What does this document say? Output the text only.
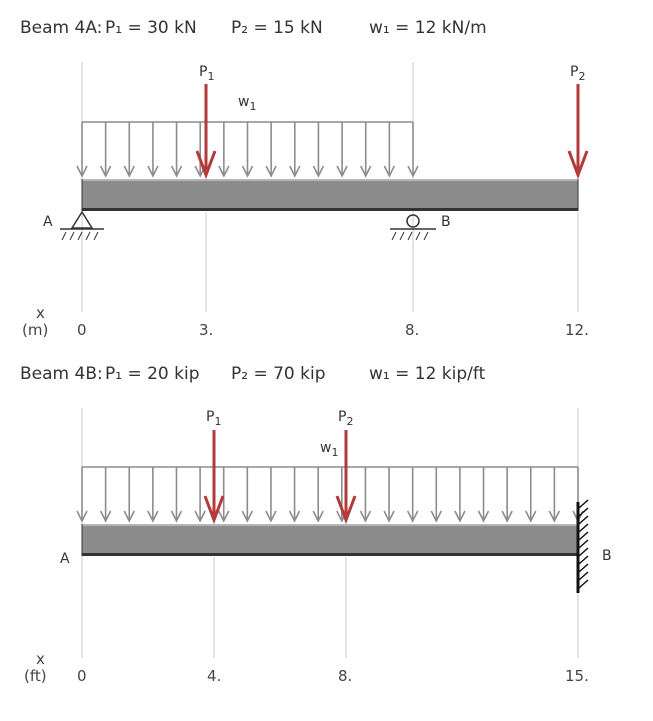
Beam 4A: P₁ = 30 kN P₂ = 15 kN	w₁ = 12 kN/m
$w_1$
$P_1$	$P_2$
A	B
x
(m) 0	3.	8.	12.
Beam 4B: P₁ = 20 kip P₂ = 70 kip	w₁ = 12 kip/ft
$w_1$
$P_1$	$P_2$
A	B
x
(ft) 0	4.	8.	15.
